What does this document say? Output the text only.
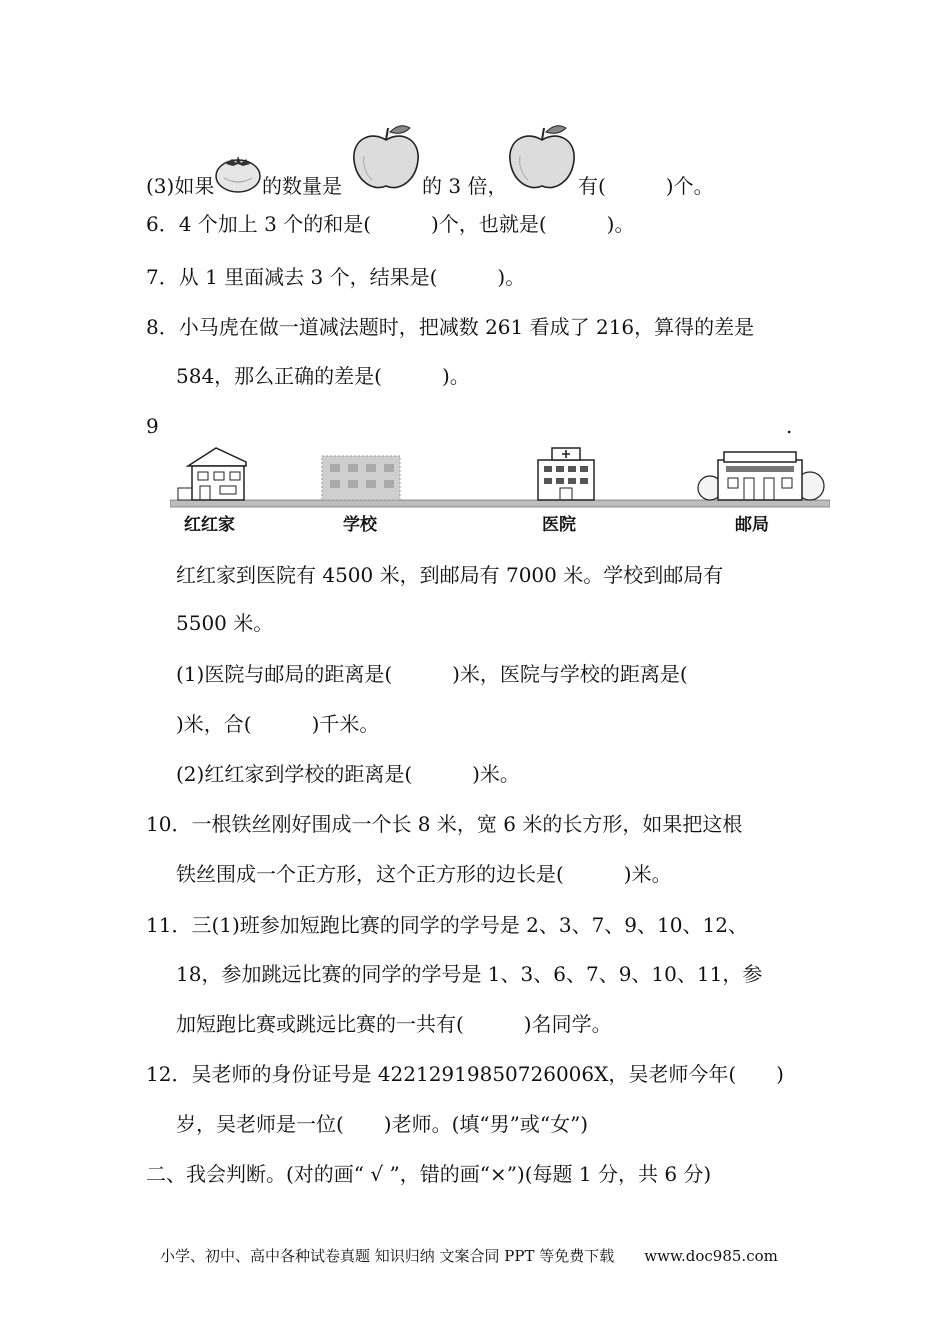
(3)如果 的数量是	的 3 倍，	有(　　　)个。
6．4 个加上 3 个的和是(　　　)个，也就是(　　　)。
7．从 1 里面减去 3 个，结果是(　　　)。
8．小马虎在做一道减法题时，把减数 261 看成了 216，算得的差是
584，那么正确的差是(　　　)。
9	.
红红家	学校	医院	邮局
红红家到医院有 4500 米，到邮局有 7000 米。学校到邮局有
5500 米。
(1)医院与邮局的距离是(　　　)米，医院与学校的距离是(
)米，合(　　　)千米。
(2)红红家到学校的距离是(　　　)米。
10．一根铁丝刚好围成一个长 8 米，宽 6 米的长方形，如果把这根
铁丝围成一个正方形，这个正方形的边长是(　　　)米。
11．三(1)班参加短跑比赛的同学的学号是 2、3、7、9、10、12、
18，参加跳远比赛的同学的学号是 1、3、6、7、9、10、11，参
加短跑比赛或跳远比赛的一共有(　　　)名同学。
12．吴老师的身份证号是 42212919850726006X，吴老师今年(　　)
岁，吴老师是一位(　　)老师。(填“男”或“女”)
二、我会判断。(对的画“ √ ”，错的画“×”)(每题 1 分，共 6 分)
小学、初中、高中各种试卷真题 知识归纳 文案合同 PPT 等免费下载　　www.doc985.com
